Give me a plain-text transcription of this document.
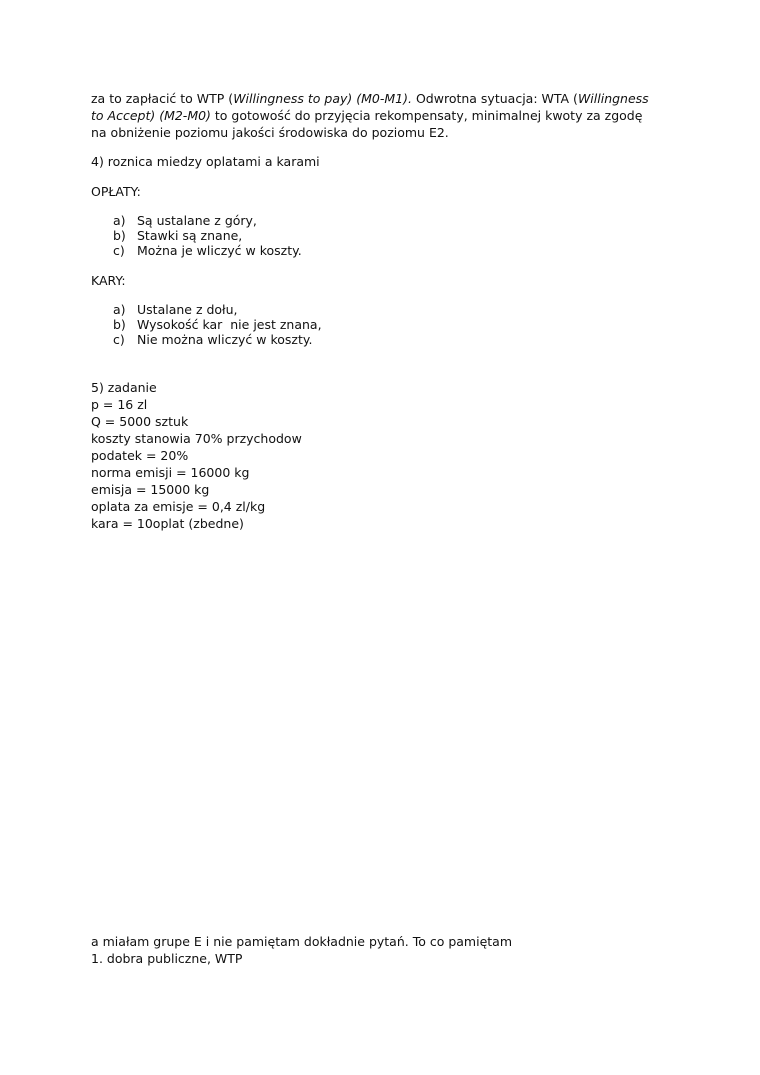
za to zapłacić to WTP (Willingness to pay) (M0-M1). Odwrotna sytuacja: WTA (Willingness
to Accept) (M2-M0) to gotowość do przyjęcia rekompensaty, minimalnej kwoty za zgodę
na obniżenie poziomu jakości środowiska do poziomu E2.
4) roznica miedzy oplatami a karami
OPŁATY:
a) Są ustalane z góry,
b) Stawki są znane,
c) Można je wliczyć w koszty.
KARY:
a) Ustalane z dołu,
b) Wysokość kar  nie jest znana,
c) Nie można wliczyć w koszty.
5) zadanie
p = 16 zl
Q = 5000 sztuk
koszty stanowia 70% przychodow
podatek = 20%
norma emisji = 16000 kg
emisja = 15000 kg
oplata za emisje = 0,4 zl/kg
kara = 10oplat (zbedne)
a miałam grupe E i nie pamiętam dokładnie pytań. To co pamiętam
1. dobra publiczne, WTP
